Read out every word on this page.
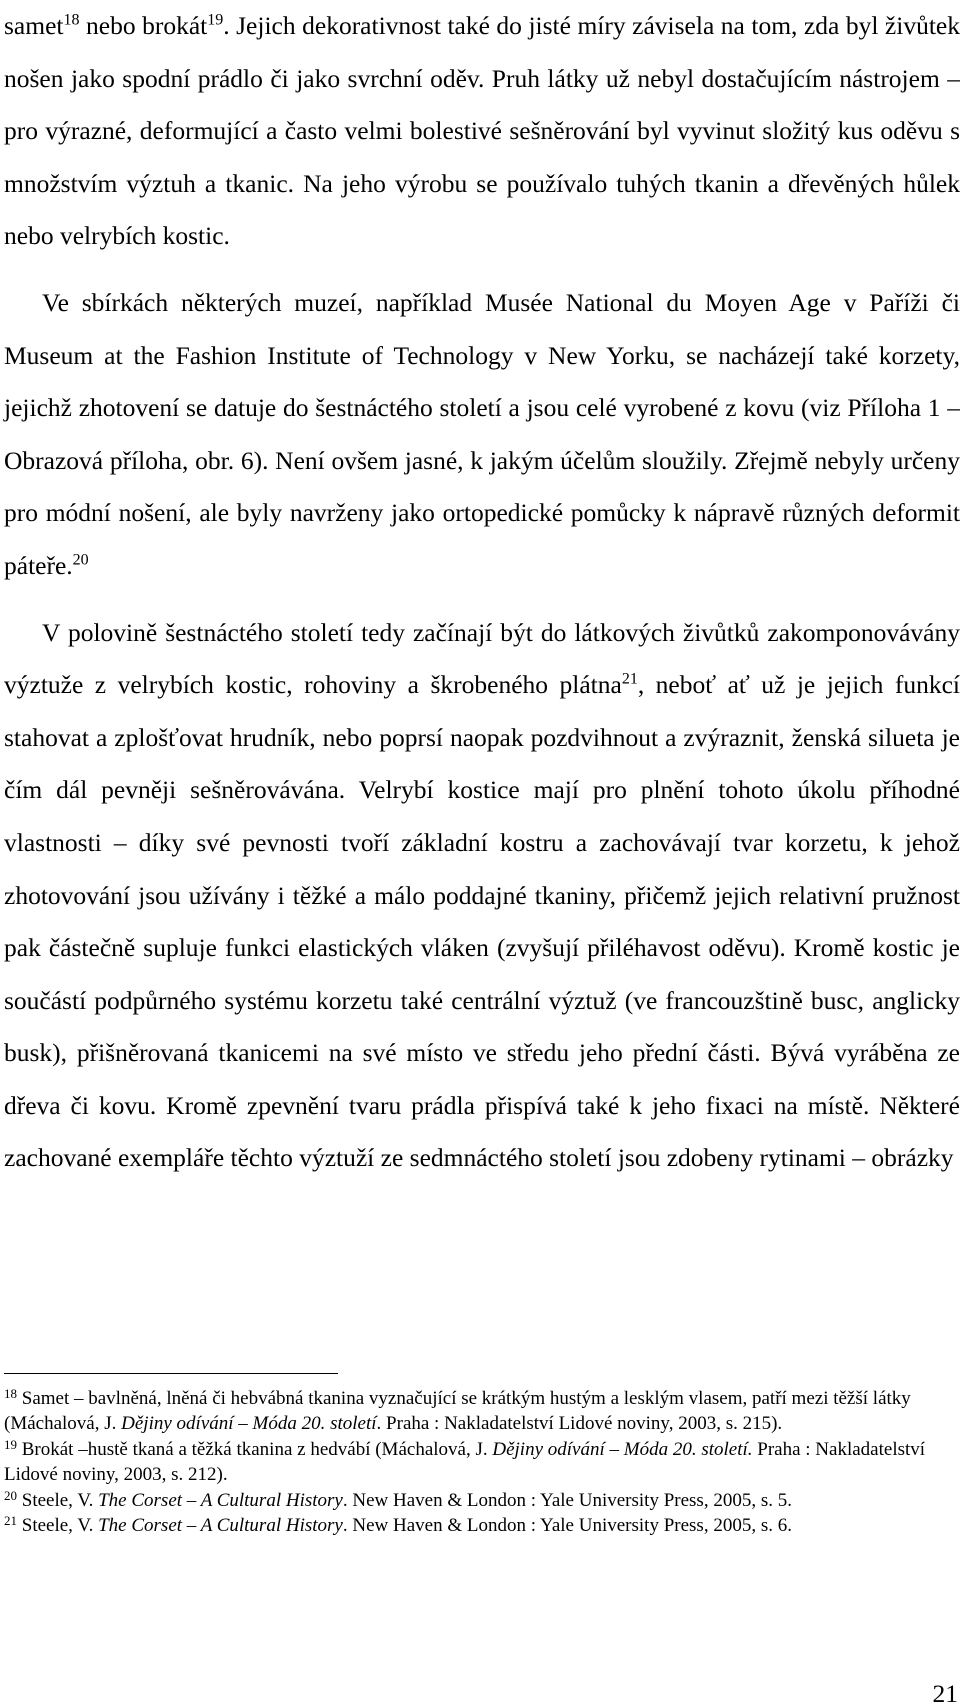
samet$^{18}$ nebo brokát$^{19}$. Jejich dekorativnost také do jisté míry závisela na tom, zda byl živůtek nošen jako spodní prádlo či jako svrchní oděv. Pruh látky už nebyl dostačujícím nástrojem – pro výrazné, deformující a často velmi bolestivé sešněrování byl vyvinut složitý kus oděvu s množstvím výztuh a tkanic. Na jeho výrobu se používalo tuhých tkanin a dřevěných hůlek nebo velrybích kostic.

Ve sbírkách některých muzeí, například Musée National du Moyen Age v Paříži či Museum at the Fashion Institute of Technology v New Yorku, se nacházejí také korzety, jejichž zhotovení se datuje do šestnáctého století a jsou celé vyrobené z kovu (viz Příloha 1 – Obrazová příloha, obr. 6). Není ovšem jasné, k jakým účelům sloužily. Zřejmě nebyly určeny pro módní nošení, ale byly navrženy jako ortopedické pomůcky k nápravě různých deformit páteře.$^{20}$

V polovině šestnáctého století tedy začínají být do látkových živůtků zakomponovávány výztuže z velrybích kostic, rohoviny a škrobeného plátna$^{21}$, neboť ať už je jejich funkcí stahovat a zplošťovat hrudník, nebo poprsí naopak pozdvihnout a zvýraznit, ženská silueta je čím dál pevněji sešněrovávána. Velrybí kostice mají pro plnění tohoto úkolu příhodné vlastnosti – díky své pevnosti tvoří základní kostru a zachovávají tvar korzetu, k jehož zhotovování jsou užívány i těžké a málo poddajné tkaniny, přičemž jejich relativní pružnost pak částečně supluje funkci elastických vláken (zvyšují přiléhavost oděvu). Kromě kostic je součástí podpůrného systému korzetu také centrální výztuž (ve francouzštině busc, anglicky busk), přišněrovaná tkanicemi na své místo ve středu jeho přední části. Bývá vyráběna ze dřeva či kovu. Kromě zpevnění tvaru prádla přispívá také k jeho fixaci na místě. Některé zachované exempláře těchto výztuží ze sedmnáctého století jsou zdobeny rytinami – obrázky

$^{18}$ Samet – bavlněná, lněná či hebvábná tkanina vyznačující se krátkým hustým a lesklým vlasem, patří mezi těžší látky (Máchalová, J. Dějiny odívání – Móda 20. století. Praha : Nakladatelství Lidové noviny, 2003, s. 215).

$^{19}$ Brokát –hustě tkaná a těžká tkanina z hedvábí (Máchalová, J. Dějiny odívání – Móda 20. století. Praha : Nakladatelství Lidové noviny, 2003, s. 212).

$^{20}$ Steele, V. The Corset – A Cultural History. New Haven & London : Yale University Press, 2005, s. 5.

$^{21}$ Steele, V. The Corset – A Cultural History. New Haven & London : Yale University Press, 2005, s. 6.

21
